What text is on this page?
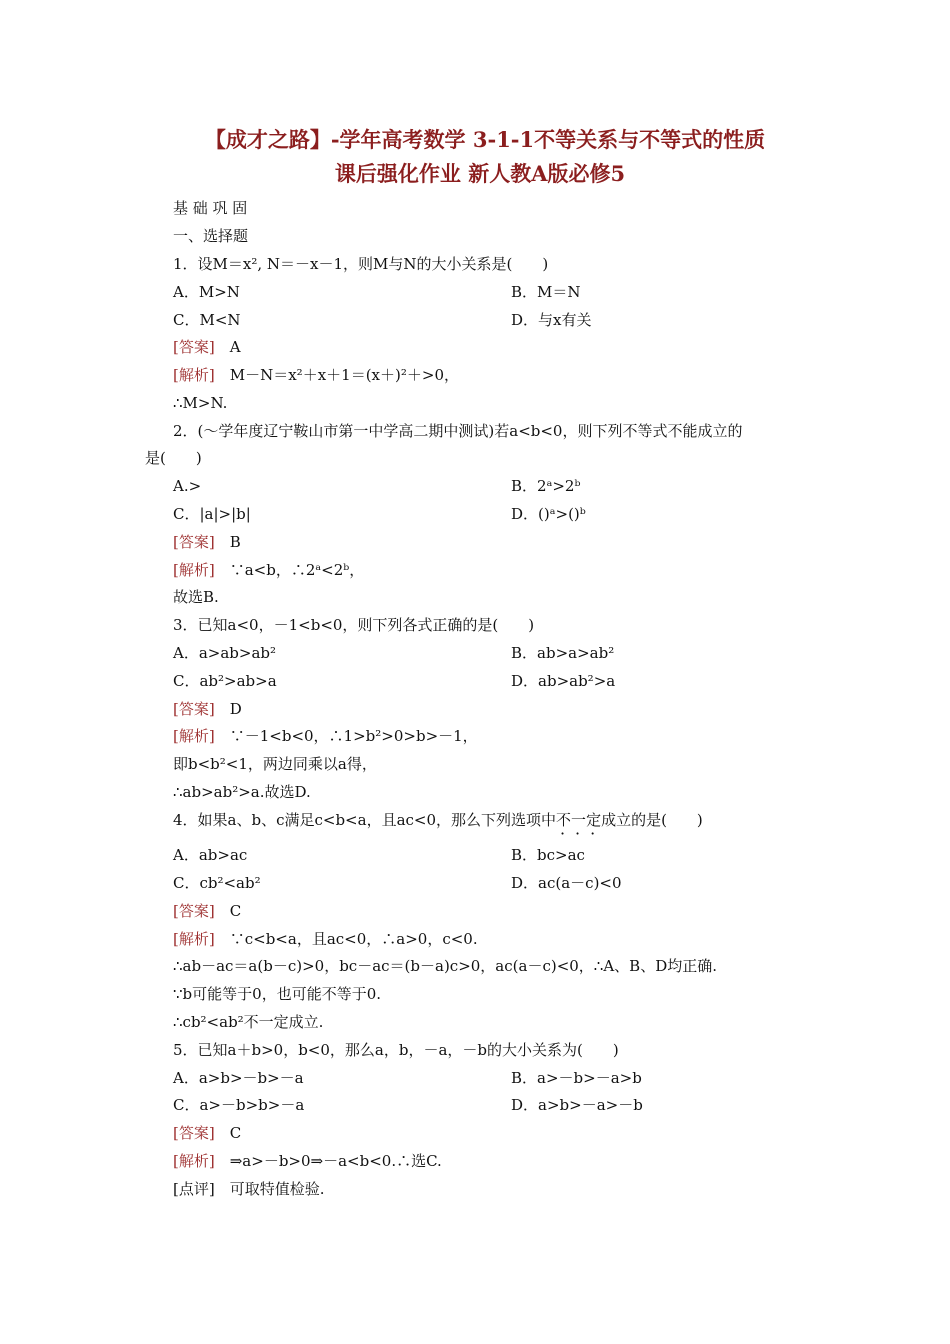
【成才之路】-学年高考数学 3-1-1不等关系与不等式的性质
课后强化作业 新人教A版必修5
基 础 巩 固
一、选择题
1．设M＝x², N＝－x－1，则M与N的大小关系是(　　)
A．M>N	B．M＝N
C．M<N	D．与x有关
[答案]　 A
[解析]　 M－N＝x²＋x＋1＝(x＋)²＋>0，
∴M>N.
2．(～学年度辽宁鞍山市第一中学高二期中测试)若a<b<0，则下列不等式不能成立的
是(　　)
A.>	B．2ᵃ>2ᵇ
C．|a|>|b|	D．()ᵃ>()ᵇ
[答案]　 B
[解析]　 ∵a<b，∴2ᵃ<2ᵇ，
故选B.
3．已知a<0，－1<b<0，则下列各式正确的是(　　)
A．a>ab>ab²	B．ab>a>ab²
C．ab²>ab>a	D．ab>ab²>a
[答案]　 D
[解析]　 ∵－1<b<0，∴1>b²>0>b>－1，
即b<b²<1，两边同乘以a得，
∴ab>ab²>a.故选D.
4．如果a、b、c满足c<b<a，且ac<0，那么下列选项中不一定成立的是(　　)
A．ab>ac	B．bc>ac
C．cb²<ab²	D．ac(a－c)<0
[答案]　 C
[解析]　 ∵c<b<a，且ac<0，∴a>0，c<0.
∴ab－ac＝a(b－c)>0，bc－ac＝(b－a)c>0，ac(a－c)<0，∴A、B、D均正确.
∵b可能等于0，也可能不等于0.
∴cb²<ab²不一定成立.
5．已知a＋b>0，b<0，那么a，b，－a，－b的大小关系为(　　)
A．a>b>－b>－a	B．a>－b>－a>b
C．a>－b>b>－a	D．a>b>－a>－b
[答案]　 C
[解析]　 ⇒a>－b>0⇒－a<b<0.∴选C.
[点评]　 可取特值检验.
